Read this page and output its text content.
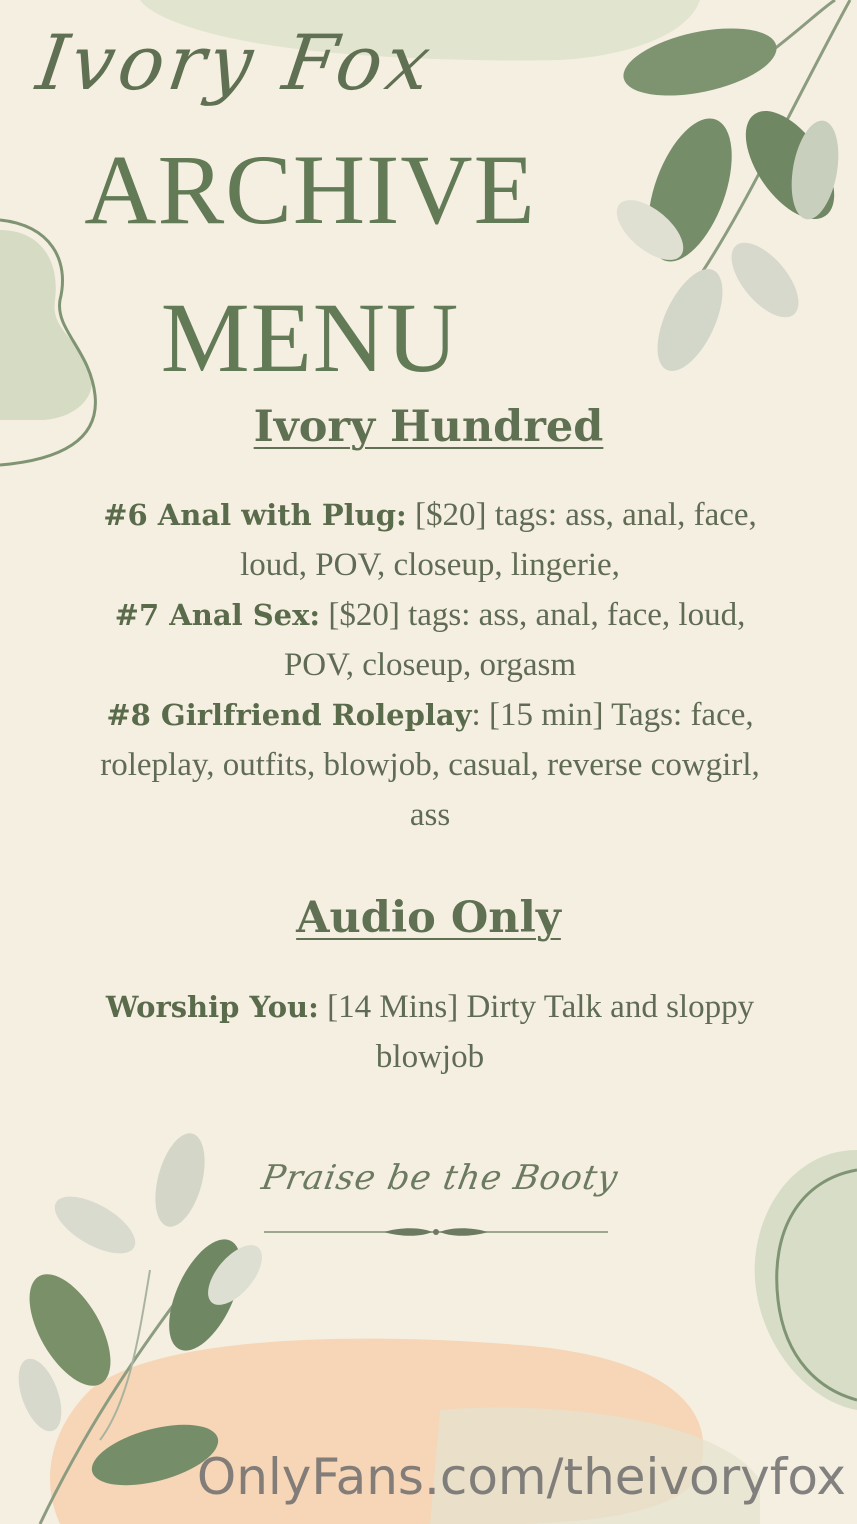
Ivory Fox
ARCHIVE
MENU
Ivory Hundred
#6 Anal with Plug: [$20] tags: ass, anal, face, loud, POV, closeup, lingerie,
#7 Anal Sex: [$20] tags: ass, anal, face, loud, POV, closeup, orgasm
#8 Girlfriend Roleplay: [15 min] Tags: face, roleplay, outfits, blowjob, casual, reverse cowgirl, ass
Audio Only
Worship You: [14 Mins] Dirty Talk and sloppy blowjob
Praise be the Booty
OnlyFans.com/theivoryfox
